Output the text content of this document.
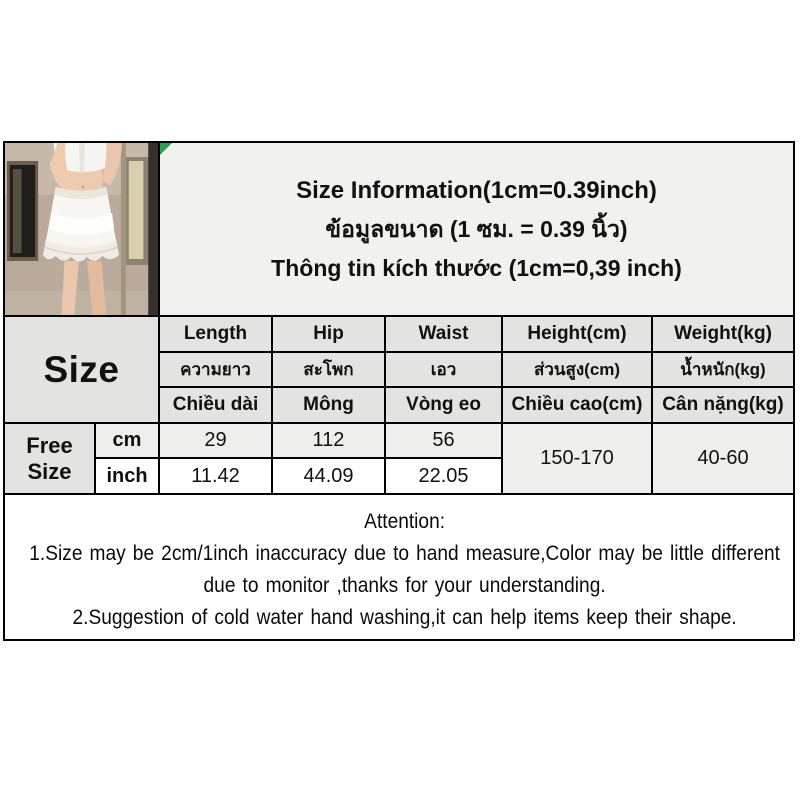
Size Information(1cm=0.39inch)
ข้อมูลขนาด (1 ซม. = 0.39 นิ้ว)
Thông tin kích thước (1cm=0,39 inch)				

Size		Length	Hip	Waist	Height(cm)	Weight(kg)
		ความยาว	สะโพก	เอว	ส่วนสูง(cm)	น้ำหนัก(kg)
		Chiều dài	Mông	Vòng eo	Chiều cao(cm)	Cân nặng(kg)
Free Size	cm	29	112	56	150-170	40-60
	inch	11.42	44.09	22.05		

Attention:
1.Size may be 2cm/1inch inaccuracy due to hand measure,Color may be little different due to monitor ,thanks for your understanding.
2.Suggestion of cold water hand washing,it can help items keep their shape.						
